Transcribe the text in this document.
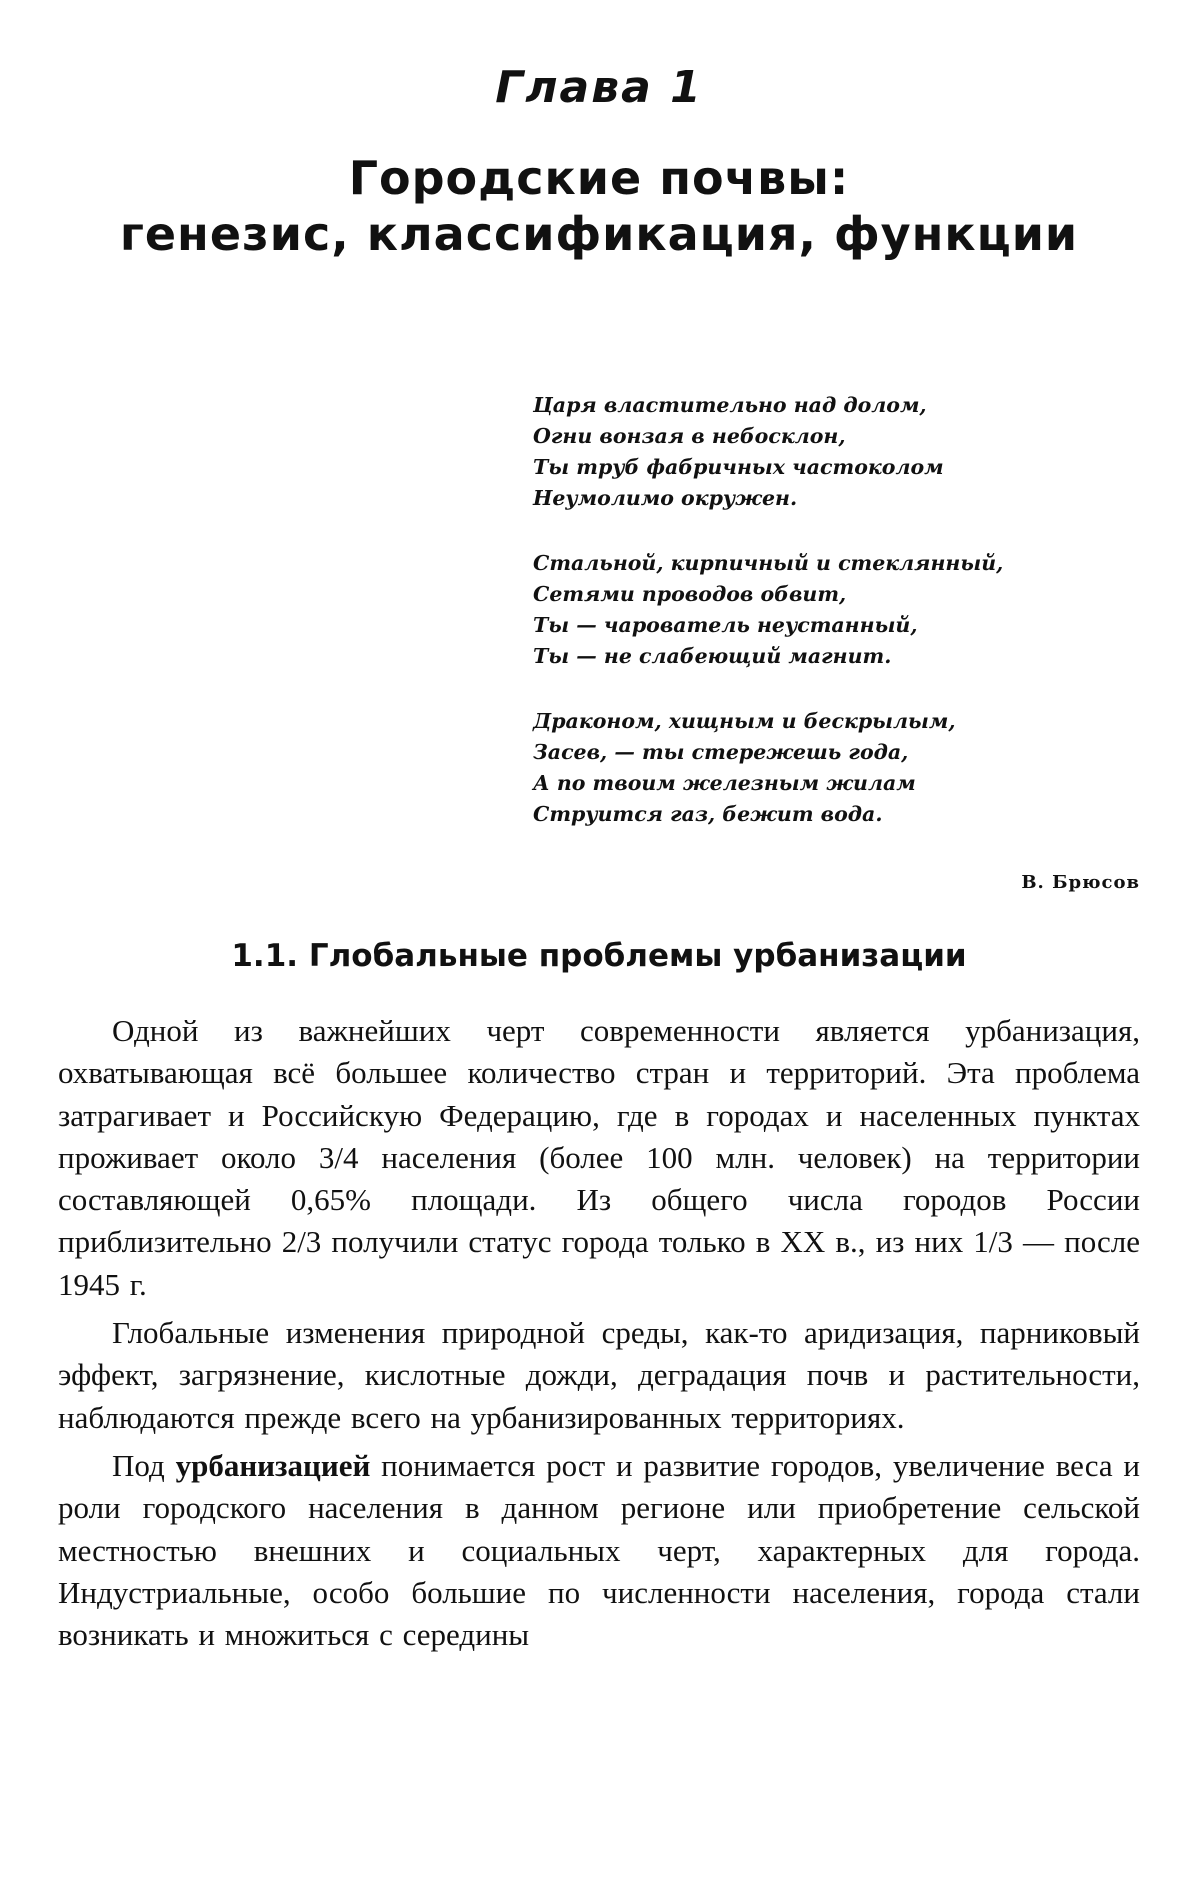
Глава 1
Городские почвы:
генезис, классификация, функции
Царя властительно над долом,
Огни вонзая в небосклон,
Ты труб фабричных частоколом
Неумолимо окружен.
Стальной, кирпичный и стеклянный,
Сетями проводов обвит,
Ты — чарователь неустанный,
Ты — не слабеющий магнит.
Драконом, хищным и бескрылым,
Засев, — ты стережешь года,
А по твоим железным жилам
Струится газ, бежит вода.
В. Брюсов
1.1. Глобальные проблемы урбанизации

Одной из важнейших черт современности является урбанизация, охватывающая всё большее количество стран и территорий. Эта проблема затрагивает и Российскую Федерацию, где в городах и населенных пунктах проживает около 3/4 населения (более 100 млн. человек) на территории составляющей 0,65% площади. Из общего числа городов России приблизительно 2/3 получили статус города только в XX в., из них 1/3 — после 1945 г.

Глобальные изменения природной среды, как-то аридизация, парниковый эффект, загрязнение, кислотные дожди, деградация почв и растительности, наблюдаются прежде всего на урбанизированных территориях.

Под урбанизацией понимается рост и развитие городов, увеличение веса и роли городского населения в данном регионе или приобретение сельской местностью внешних и социальных черт, характерных для города. Индустриальные, особо большие по численности населения, города стали возникать и множиться с середины
